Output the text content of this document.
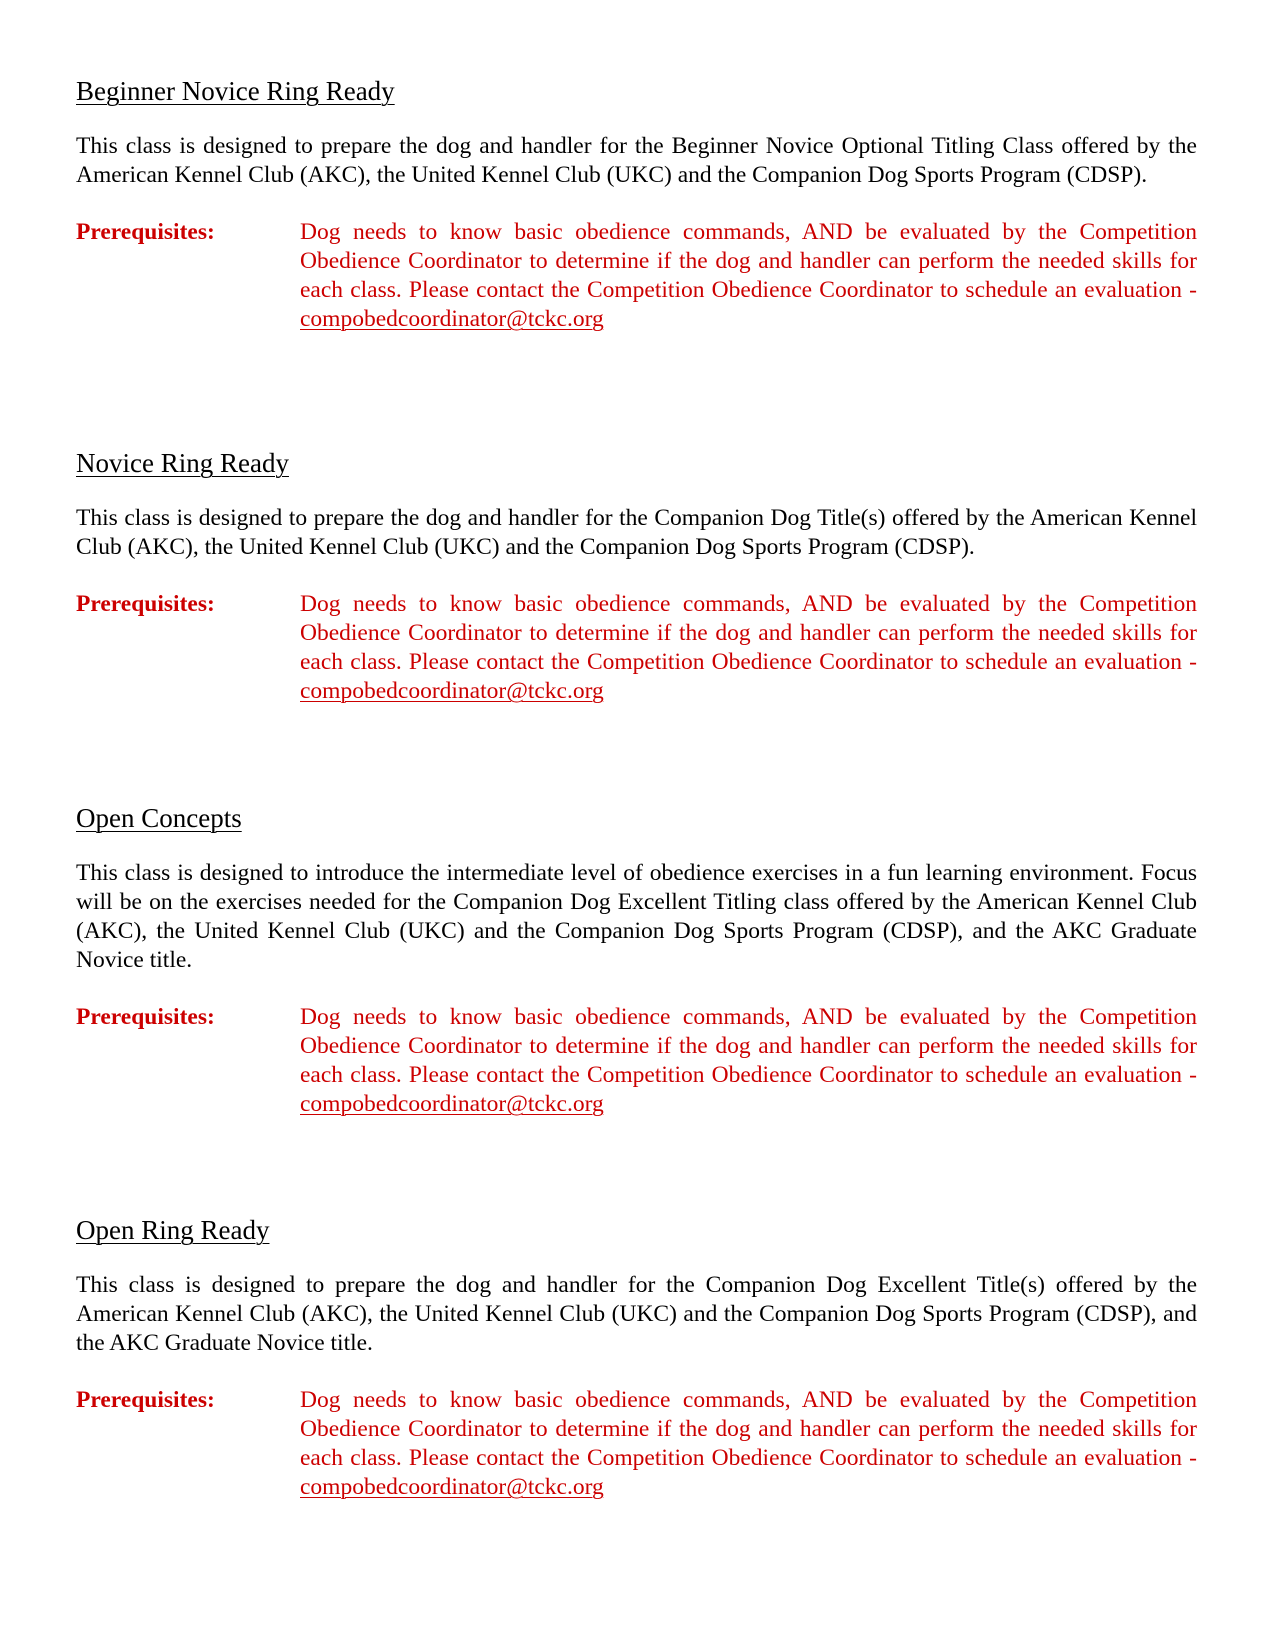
Beginner Novice Ring Ready

This class is designed to prepare the dog and handler for the Beginner Novice Optional Titling Class offered by the American Kennel Club (AKC), the United Kennel Club (UKC) and the Companion Dog Sports Program (CDSP).

Prerequisites:	Dog needs to know basic obedience commands, AND be evaluated by the Competition Obedience Coordinator to determine if the dog and handler can perform the needed skills for each class. Please contact the Competition Obedience Coordinator to schedule an evaluation - compobedcoordinator@tckc.org
Novice Ring Ready

This class is designed to prepare the dog and handler for the Companion Dog Title(s) offered by the American Kennel Club (AKC), the United Kennel Club (UKC) and the Companion Dog Sports Program (CDSP).

Prerequisites:	Dog needs to know basic obedience commands, AND be evaluated by the Competition Obedience Coordinator to determine if the dog and handler can perform the needed skills for each class. Please contact the Competition Obedience Coordinator to schedule an evaluation - compobedcoordinator@tckc.org
Open Concepts

This class is designed to introduce the intermediate level of obedience exercises in a fun learning environment. Focus will be on the exercises needed for the Companion Dog Excellent Titling class offered by the American Kennel Club (AKC), the United Kennel Club (UKC) and the Companion Dog Sports Program (CDSP), and the AKC Graduate Novice title.

Prerequisites:	Dog needs to know basic obedience commands, AND be evaluated by the Competition Obedience Coordinator to determine if the dog and handler can perform the needed skills for each class. Please contact the Competition Obedience Coordinator to schedule an evaluation - compobedcoordinator@tckc.org
Open Ring Ready

This class is designed to prepare the dog and handler for the Companion Dog Excellent Title(s) offered by the American Kennel Club (AKC), the United Kennel Club (UKC) and the Companion Dog Sports Program (CDSP), and the AKC Graduate Novice title.

Prerequisites:	Dog needs to know basic obedience commands, AND be evaluated by the Competition Obedience Coordinator to determine if the dog and handler can perform the needed skills for each class. Please contact the Competition Obedience Coordinator to schedule an evaluation - compobedcoordinator@tckc.org
